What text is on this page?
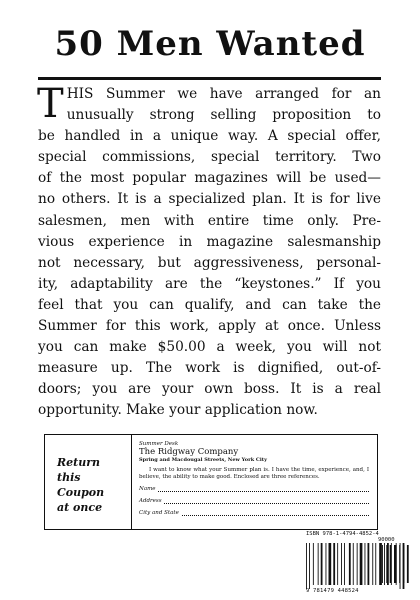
50 Men Wanted
T HIS Summer we have arranged for an
unusually strong selling proposition to
be handled in a unique way. A special offer,
special commissions, special territory. Two
of the most popular magazines will be used—
no others. It is a specialized plan. It is for live
salesmen, men with entire time only. Pre-
vious experience in magazine salesmanship
not necessary, but aggressiveness, personal-
ity, adaptability are the “keystones.” If you
feel that you can qualify, and can take the
Summer for this work, apply at once. Unless
you can make $50.00 a week, you will not
measure up. The work is dignified, out-of-
doors; you are your own boss. It is a real
opportunity. Make your application now.
Return this
Coupon
at once
Summer Desk
The Ridgway Company
Spring and Macdougal Streets, New York City
I want to know what your Summer plan is. I have the time, experience, and, I believe, the ability to make good. Enclosed are three references.
Name
Address
City and State
ISBN 978-1-4794-4852-4
90000
9 781479 448524
